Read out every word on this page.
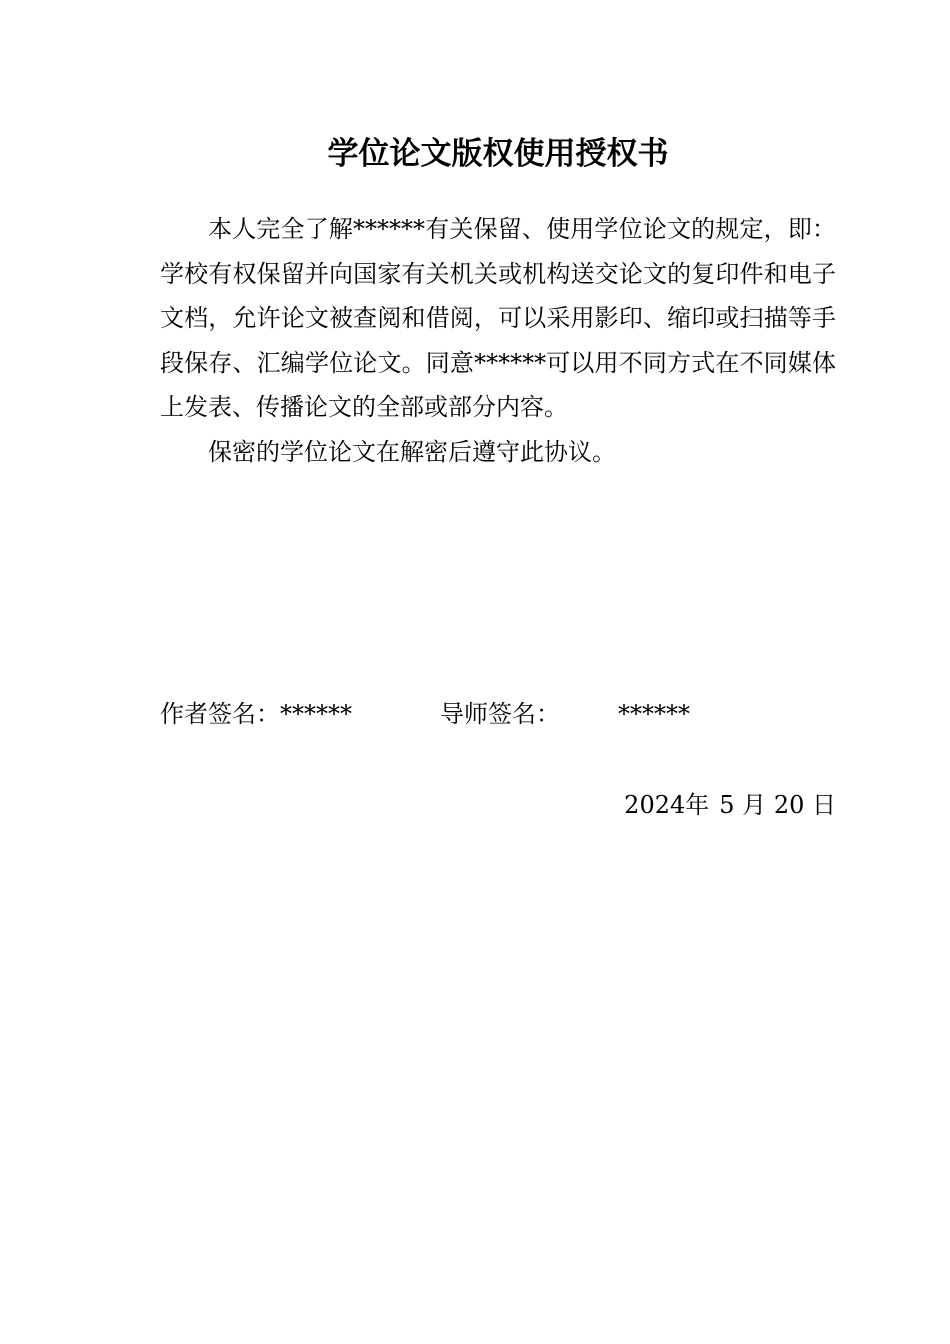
学位论文版权使用授权书

本人完全了解******有关保留、使用学位论文的规定，即：学校有权保留并向国家有关机关或机构送交论文的复印件和电子文档，允许论文被查阅和借阅，可以采用影印、缩印或扫描等手段保存、汇编学位论文。同意******可以用不同方式在不同媒体上发表、传播论文的全部或部分内容。

保密的学位论文在解密后遵守此协议。

作者签名：******	导师签名： ******
2024年 5 月 20 日
